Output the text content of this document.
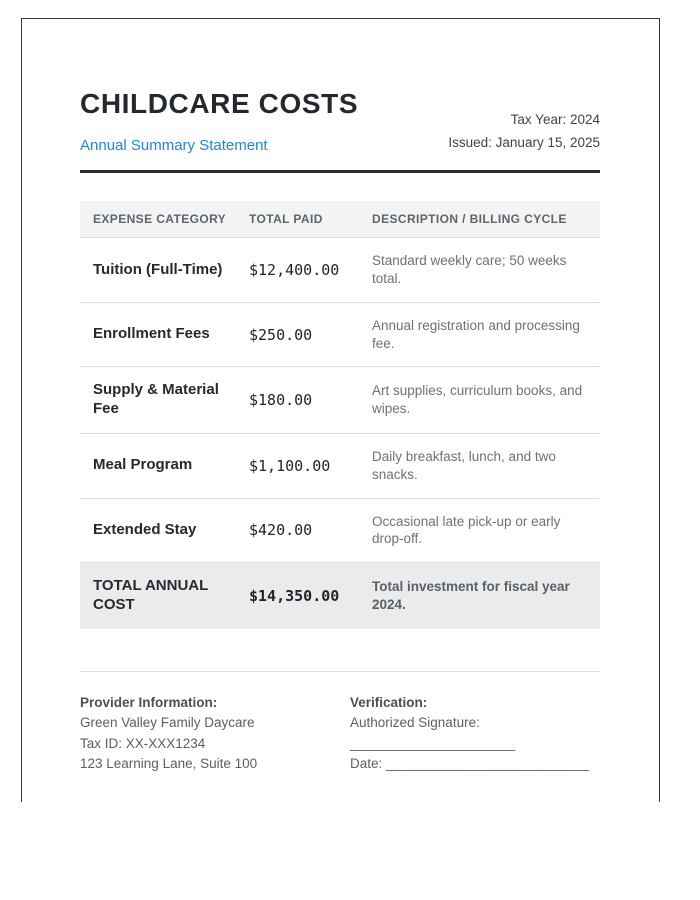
CHILDCARE COSTS
Annual Summary Statement
Tax Year: 2024
Issued: January 15, 2025
EXPENSE CATEGORY	TOTAL PAID	DESCRIPTION / BILLING CYCLE
Tuition (Full-Time)	$12,400.00	Standard weekly care; 50 weeks total.
Enrollment Fees	$250.00	Annual registration and processing fee.
Supply & Material Fee	$180.00	Art supplies, curriculum books, and wipes.
Meal Program	$1,100.00	Daily breakfast, lunch, and two snacks.
Extended Stay	$420.00	Occasional late pick-up or early drop-off.
TOTAL ANNUAL COST	$14,350.00	Total investment for fiscal year 2024.
Provider Information:
Green Valley Family Daycare
Tax ID: XX-XXX1234
123 Learning Lane, Suite 100
Verification:
Authorized Signature:
______________________
Date: ___________________________
